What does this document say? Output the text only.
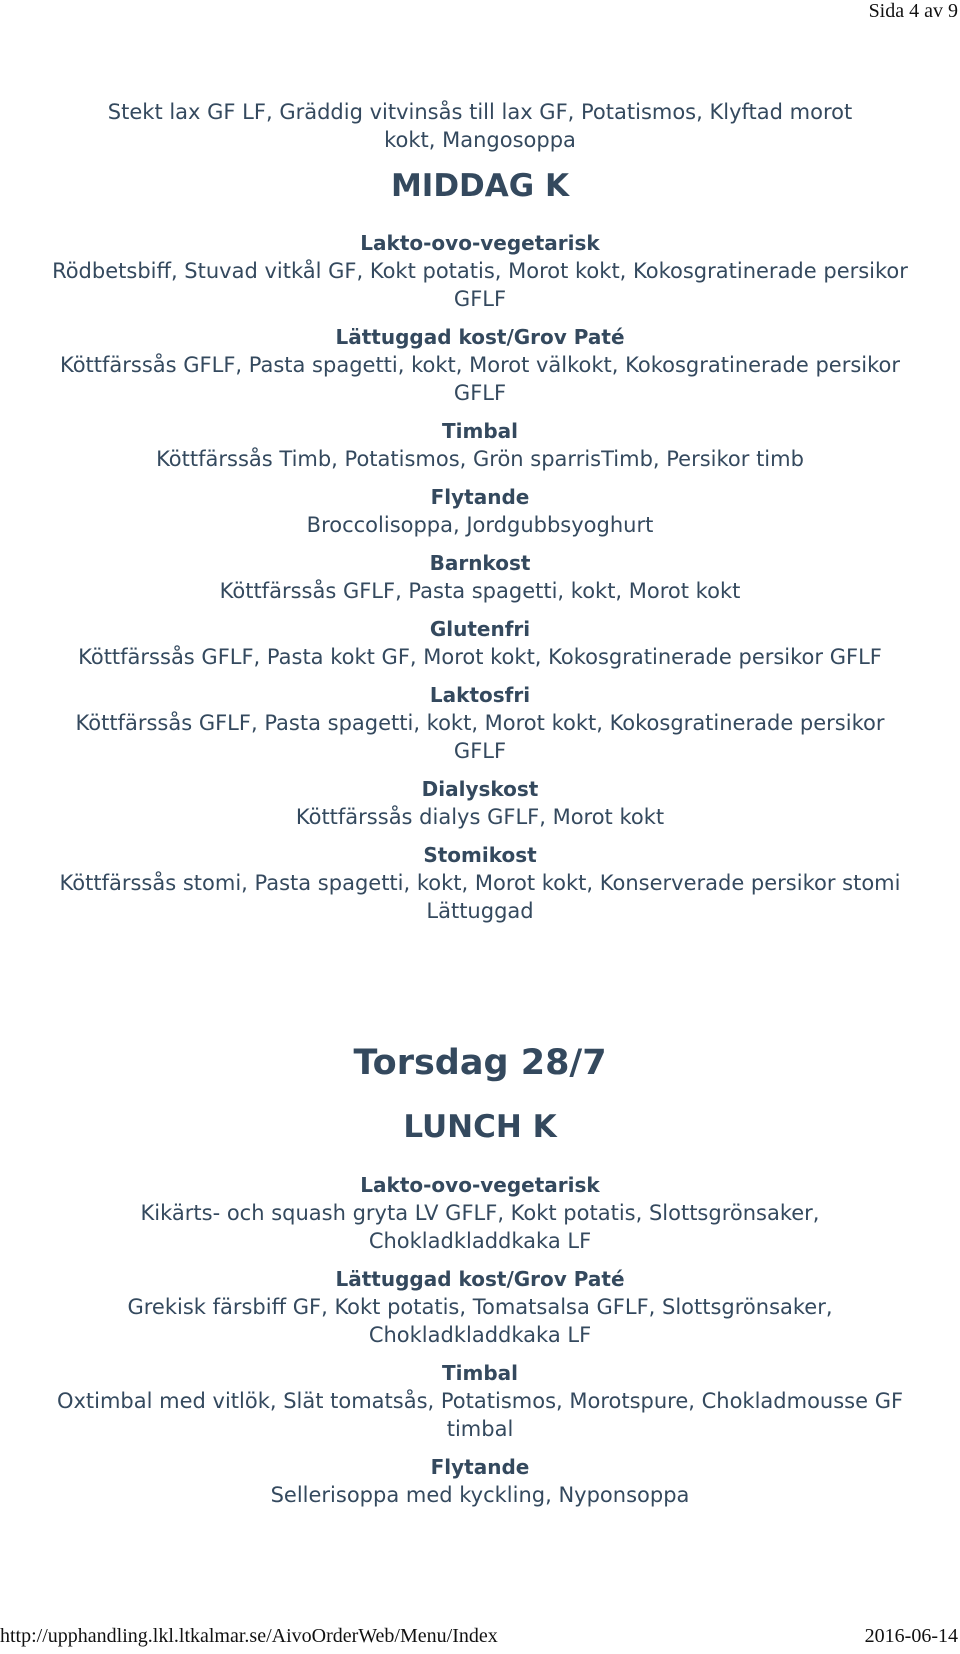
Sida 4 av 9
Stekt lax GF LF, Gräddig vitvinsås till lax GF, Potatismos, Klyftad morot kokt, Mangosoppa
MIDDAG K
Lakto-ovo-vegetarisk
Rödbetsbiff, Stuvad vitkål GF, Kokt potatis, Morot kokt, Kokosgratinerade persikor GFLF
Lättuggad kost/Grov Paté
Köttfärssås GFLF, Pasta spagetti, kokt, Morot välkokt, Kokosgratinerade persikor GFLF
Timbal
Köttfärssås Timb, Potatismos, Grön sparrisTimb, Persikor timb
Flytande
Broccolisoppa, Jordgubbsyoghurt
Barnkost
Köttfärssås GFLF, Pasta spagetti, kokt, Morot kokt
Glutenfri
Köttfärssås GFLF, Pasta kokt GF, Morot kokt, Kokosgratinerade persikor GFLF
Laktosfri
Köttfärssås GFLF, Pasta spagetti, kokt, Morot kokt, Kokosgratinerade persikor GFLF
Dialyskost
Köttfärssås dialys GFLF, Morot kokt
Stomikost
Köttfärssås stomi, Pasta spagetti, kokt, Morot kokt, Konserverade persikor stomi Lättuggad
Torsdag 28/7
LUNCH K
Lakto-ovo-vegetarisk
Kikärts- och squash gryta LV GFLF, Kokt potatis, Slottsgrönsaker, Chokladkladdkaka LF
Lättuggad kost/Grov Paté
Grekisk färsbiff GF, Kokt potatis, Tomatsalsa GFLF, Slottsgrönsaker, Chokladkladdkaka LF
Timbal
Oxtimbal med vitlök, Slät tomatsås, Potatismos, Morotspure, Chokladmousse GF timbal
Flytande
Sellerisoppa med kyckling, Nyponsoppa
http://upphandling.lkl.ltkalmar.se/AivoOrderWeb/Menu/Index	2016-06-14
